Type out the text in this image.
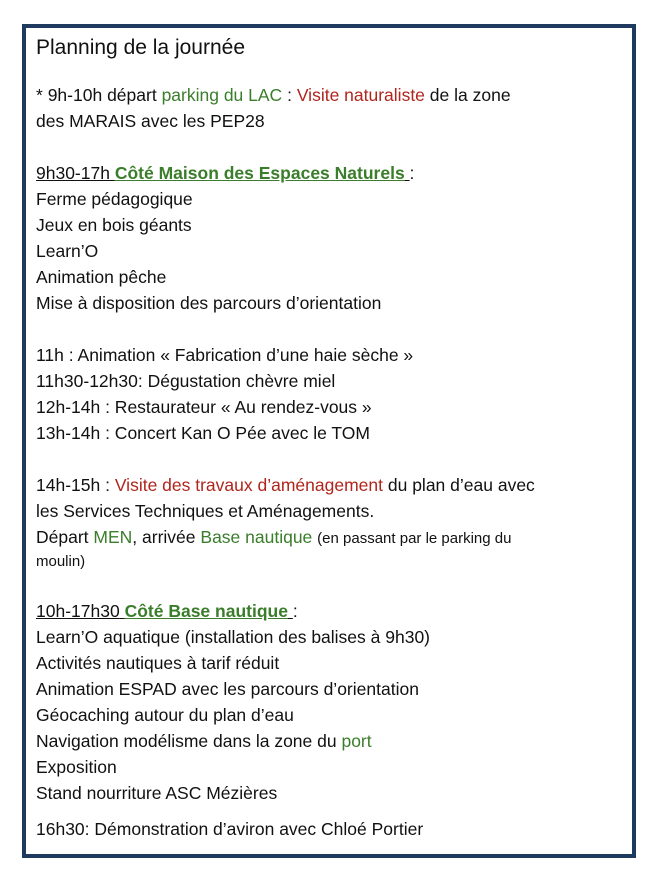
Planning de la journée
* 9h-10h départ parking du LAC : Visite naturaliste de la zone
des MARAIS avec les PEP28
9h30-17h Côté Maison des Espaces Naturels :
Ferme pédagogique
Jeux en bois géants
Learn’O
Animation pêche
Mise à disposition des parcours d’orientation
11h : Animation « Fabrication d’une haie sèche »
11h30-12h30: Dégustation chèvre miel
12h-14h : Restaurateur « Au rendez-vous »
13h-14h : Concert Kan O Pée avec le TOM
14h-15h : Visite des travaux d’aménagement du plan d’eau avec
les Services Techniques et Aménagements.
Départ MEN, arrivée Base nautique (en passant par le parking du
moulin)
10h-17h30 Côté Base nautique :
Learn’O aquatique (installation des balises à 9h30)
Activités nautiques à tarif réduit
Animation ESPAD avec les parcours d’orientation
Géocaching autour du plan d’eau
Navigation modélisme dans la zone du port
Exposition
Stand nourriture ASC Mézières
16h30: Démonstration d’aviron avec Chloé Portier
